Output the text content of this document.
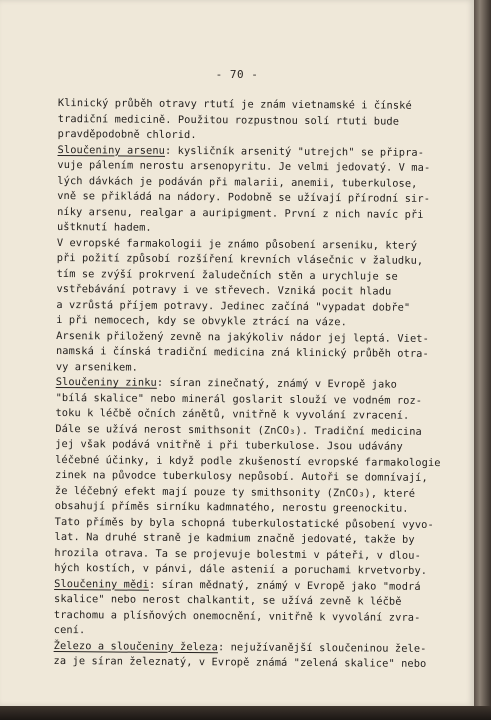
- 70 -
Klinický průběh otravy rtutí je znám vietnamské i čínské
tradiční medicině. Použitou rozpustnou solí rtuti bude
pravděpodobně chlorid.
Sloučeniny arsenu: kysličník arsenitý "utrejch" se připra-
vuje pálením nerostu arsenopyritu. Je velmi jedovatý. V ma-
lých dávkách je podáván při malarii, anemii, tuberkulose,
vně se přikládá na nádory. Podobně se užívají přírodní sir-
níky arsenu, realgar a auripigment. První z nich navíc při
uštknutí hadem.
V evropské farmakologii je známo působení arseniku, který
při požití způsobí rozšíření krevních vlásečnic v žaludku,
tím se zvýší prokrvení žaludečních stěn a urychluje se
vstřebávání potravy i ve střevech. Vzniká pocit hladu
a vzrůstá příjem potravy. Jedinec začíná "vypadat dobře"
i při nemocech, kdy se obvykle ztrácí na váze.
Arsenik přiložený zevně na jakýkoliv nádor jej leptá. Viet-
namská i čínská tradiční medicina zná klinický průběh otra-
vy arsenikem.
Sloučeniny zinku: síran zinečnatý, známý v Evropě jako
"bílá skalice" nebo minerál goslarit slouží ve vodném roz-
toku k léčbě očních zánětů, vnitřně k vyvolání zvracení.
Dále se užívá nerost smithsonit (ZnCO₃). Tradiční medicina
jej však podává vnitřně i při tuberkulose. Jsou udávány
léčebné účinky, i když podle zkušeností evropské farmakologie
zinek na původce tuberkulosy nepůsobí. Autoři se domnívají,
že léčebný efekt mají pouze ty smithsonity (ZnCO₃), které
obsahují příměs sirníku kadmnatého, nerostu greenockitu.
Tato příměs by byla schopná tuberkulostatické působení vyvo-
lat. Na druhé straně je kadmium značně jedovaté, takže by
hrozila otrava. Ta se projevuje bolestmi v páteři, v dlou-
hých kostích, v pánvi, dále astenií a poruchami krvetvorby.
Sloučeniny mědi: síran mědnatý, známý v Evropě jako "modrá
skalice" nebo nerost chalkantit, se užívá zevně k léčbě
trachomu a plísňových onemocnění, vnitřně k vyvolání zvra-
cení.
Železo a sloučeniny železa: nejužívanější sloučeninou žele-
za je síran železnatý, v Evropě známá "zelená skalice" nebo
